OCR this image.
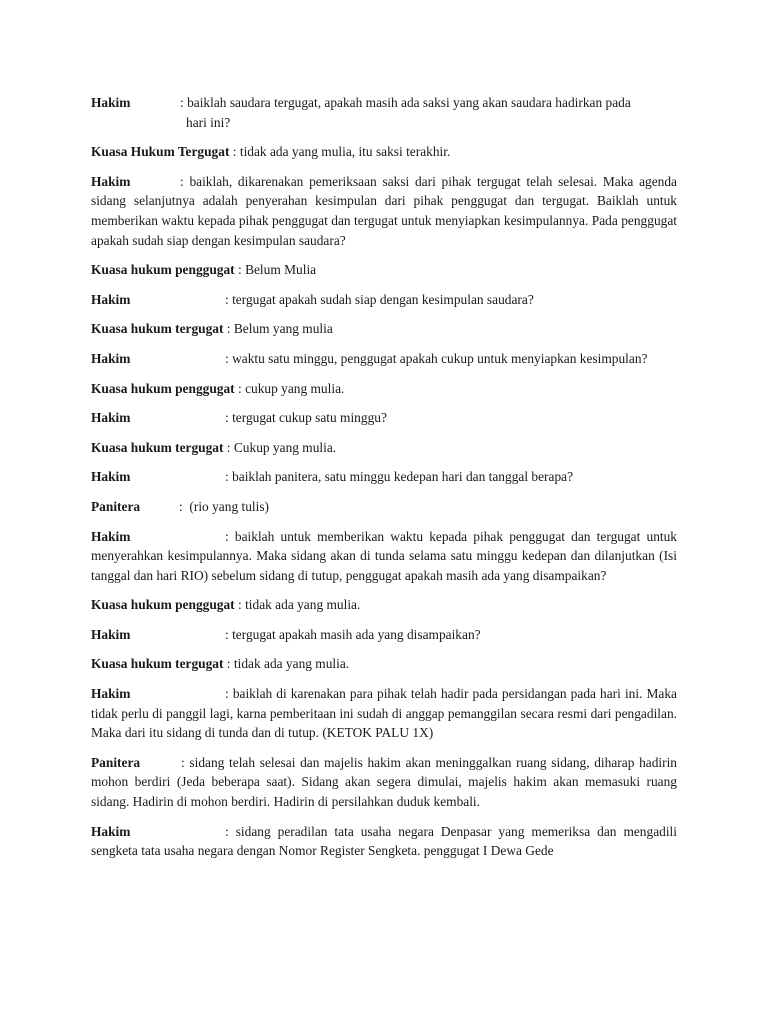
Hakim	: baiklah saudara tergugat, apakah masih ada saksi yang akan saudara hadirkan pada
hari ini?

Kuasa Hukum Tergugat : tidak ada yang mulia, itu saksi terakhir.

Hakim	: baiklah, dikarenakan pemeriksaan saksi dari pihak tergugat telah selesai. Maka agenda sidang selanjutnya adalah penyerahan kesimpulan dari pihak penggugat dan tergugat. Baiklah untuk memberikan waktu kepada pihak penggugat dan tergugat untuk menyiapkan kesimpulannya. Pada penggugat apakah sudah siap dengan kesimpulan saudara?

Kuasa hukum penggugat : Belum Mulia

Hakim	: tergugat apakah sudah siap dengan kesimpulan saudara?

Kuasa hukum tergugat : Belum yang mulia

Hakim	: waktu satu minggu, penggugat apakah cukup untuk menyiapkan kesimpulan?

Kuasa hukum penggugat : cukup yang mulia.

Hakim	: tergugat cukup satu minggu?

Kuasa hukum tergugat : Cukup yang mulia.

Hakim	: baiklah panitera, satu minggu kedepan hari dan tanggal berapa?

Panitera	:  (rio yang tulis)

Hakim	: baiklah untuk memberikan waktu kepada pihak penggugat dan tergugat untuk menyerahkan kesimpulannya. Maka sidang akan di tunda selama satu minggu kedepan dan dilanjutkan (Isi tanggal dan hari RIO) sebelum sidang di tutup, penggugat apakah masih ada yang disampaikan?

Kuasa hukum penggugat : tidak ada yang mulia.

Hakim	: tergugat apakah masih ada yang disampaikan?

Kuasa hukum tergugat : tidak ada yang mulia.

Hakim	: baiklah di karenakan para pihak telah hadir pada persidangan pada hari ini. Maka tidak perlu di panggil lagi, karna pemberitaan ini sudah di anggap pemanggilan secara resmi dari pengadilan. Maka dari itu sidang di tunda dan di tutup. (KETOK PALU 1X)

Panitera	: sidang telah selesai dan majelis hakim akan meninggalkan ruang sidang, diharap hadirin mohon berdiri (Jeda beberapa saat). Sidang akan segera dimulai, majelis hakim akan memasuki ruang sidang. Hadirin di mohon berdiri. Hadirin di persilahkan duduk kembali.

Hakim	: sidang peradilan tata usaha negara Denpasar yang memeriksa dan mengadili sengketa tata usaha negara dengan Nomor Register Sengketa. penggugat I Dewa Gede
